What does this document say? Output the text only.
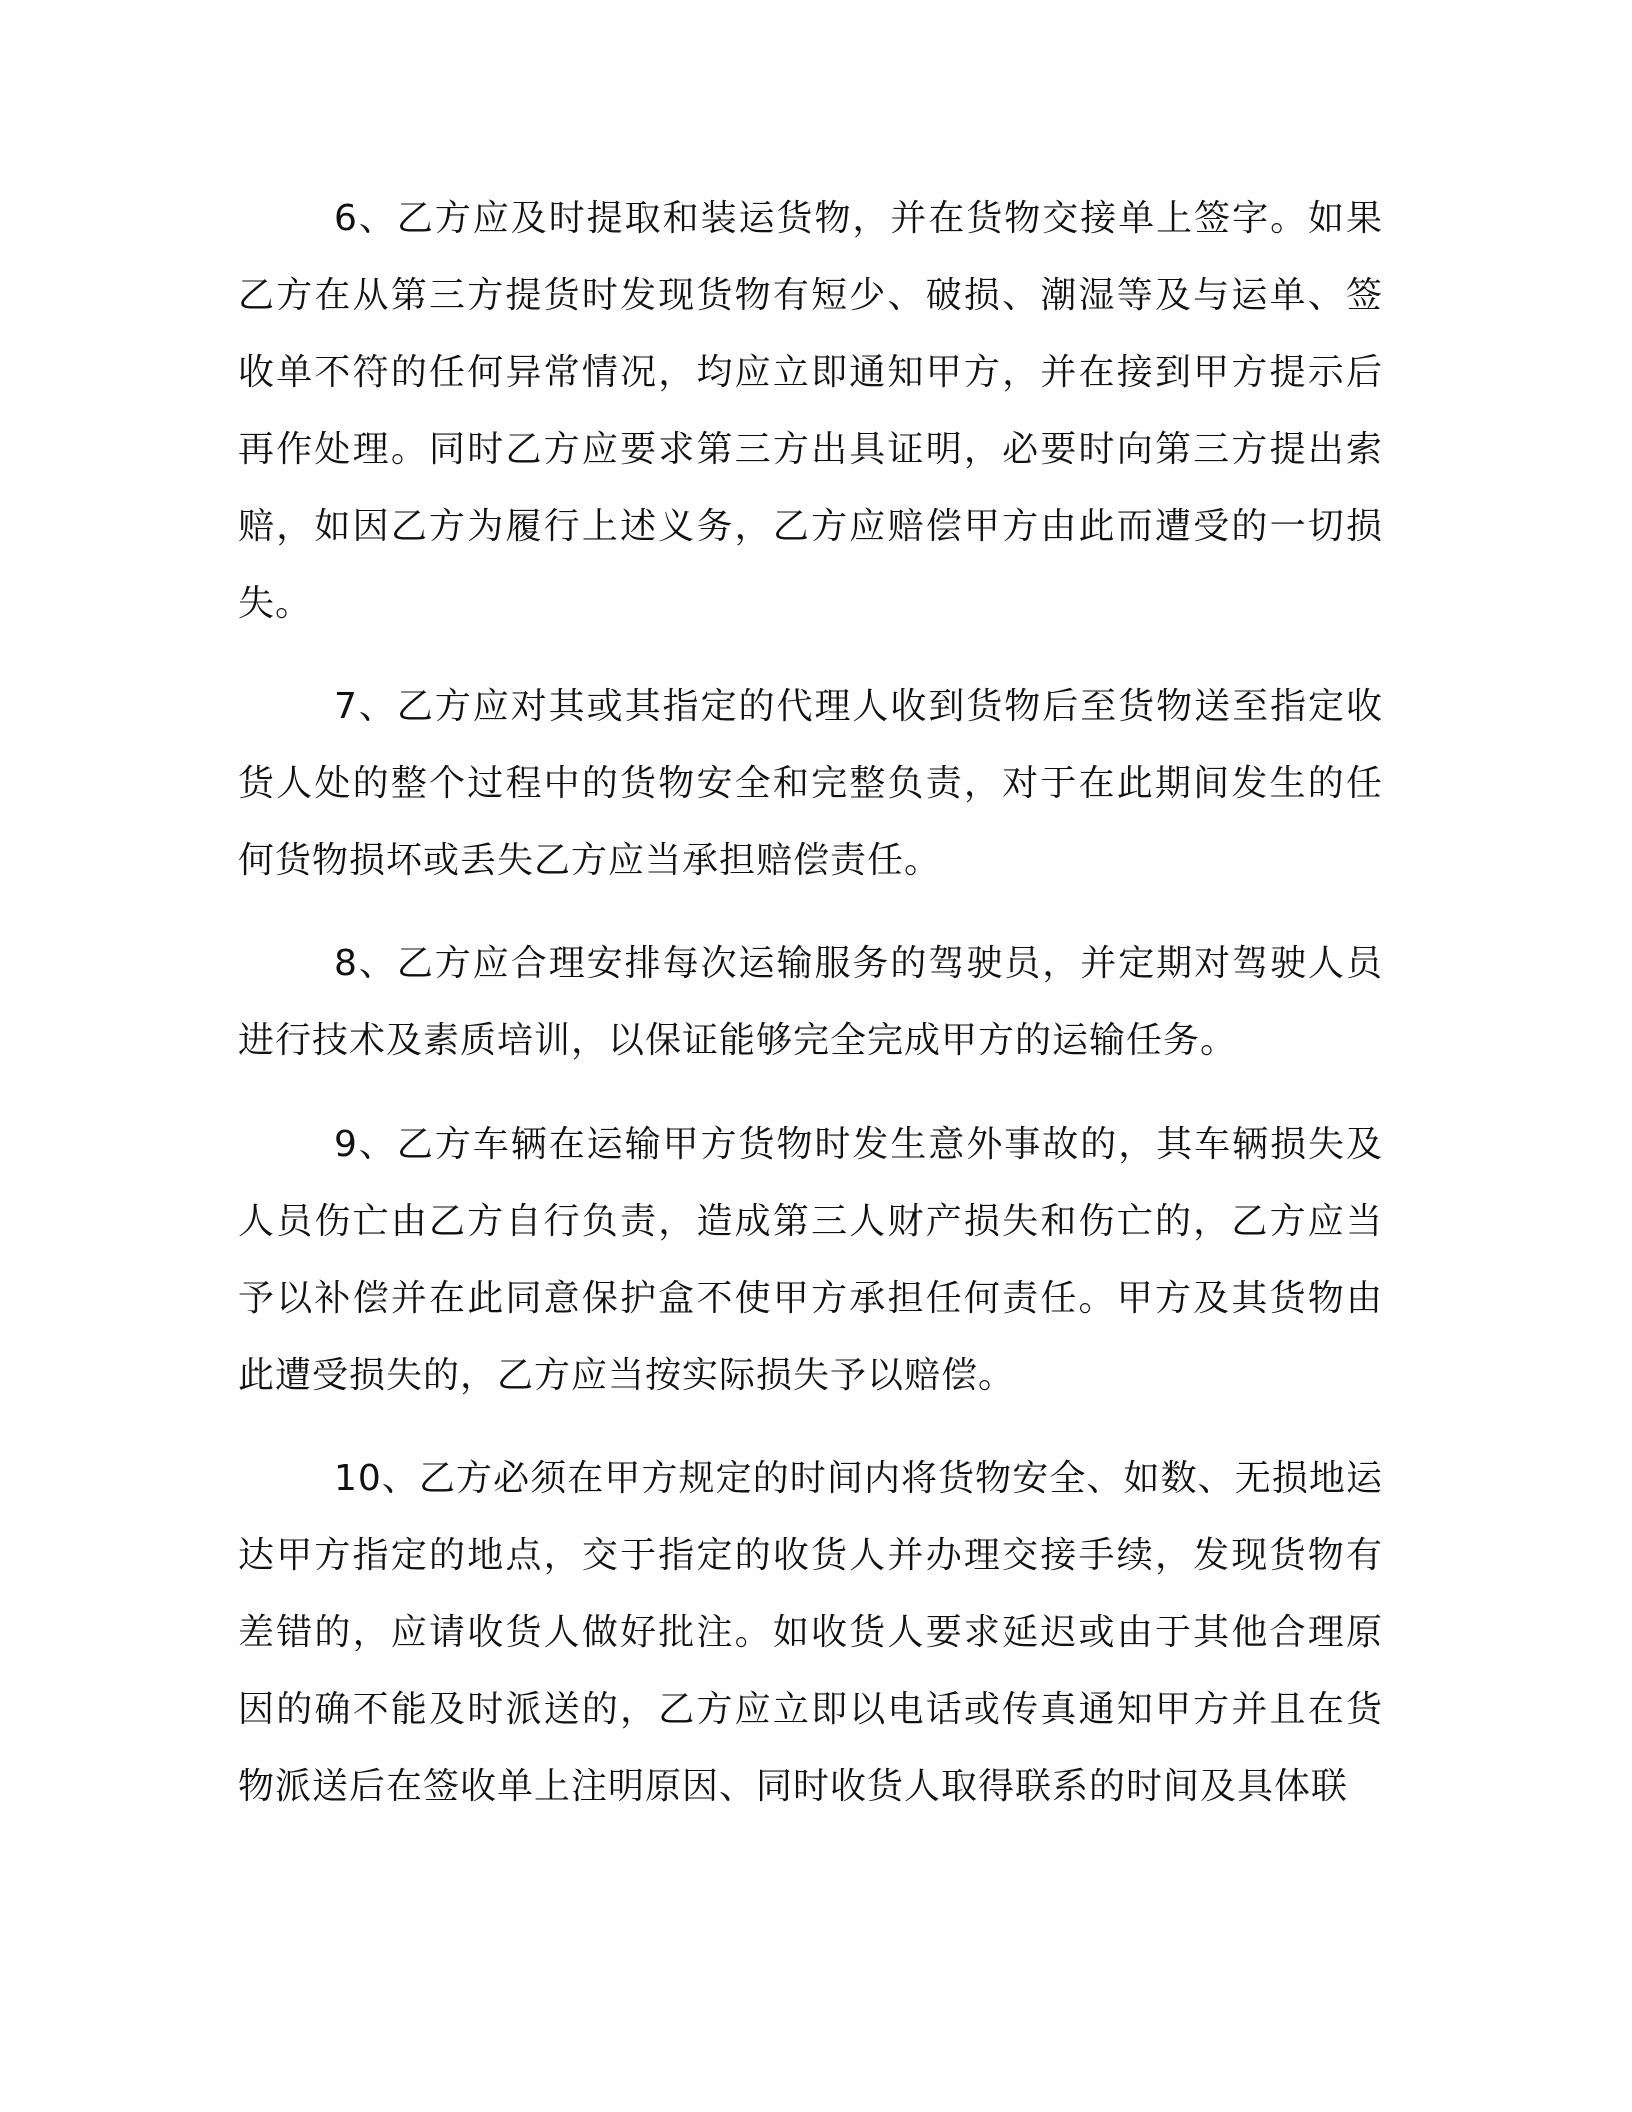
6、乙方应及时提取和装运货物，并在货物交接单上签字。如果乙方在从第三方提货时发现货物有短少、破损、潮湿等及与运单、签收单不符的任何异常情况，均应立即通知甲方，并在接到甲方提示后再作处理。同时乙方应要求第三方出具证明，必要时向第三方提出索赔，如因乙方为履行上述义务，乙方应赔偿甲方由此而遭受的一切损失。

7、乙方应对其或其指定的代理人收到货物后至货物送至指定收货人处的整个过程中的货物安全和完整负责，对于在此期间发生的任何货物损坏或丢失乙方应当承担赔偿责任。

8、乙方应合理安排每次运输服务的驾驶员，并定期对驾驶人员进行技术及素质培训，以保证能够完全完成甲方的运输任务。

9、乙方车辆在运输甲方货物时发生意外事故的，其车辆损失及人员伤亡由乙方自行负责，造成第三人财产损失和伤亡的，乙方应当予以补偿并在此同意保护盒不使甲方承担任何责任。甲方及其货物由此遭受损失的，乙方应当按实际损失予以赔偿。

10、乙方必须在甲方规定的时间内将货物安全、如数、无损地运达甲方指定的地点，交于指定的收货人并办理交接手续，发现货物有差错的，应请收货人做好批注。如收货人要求延迟或由于其他合理原因的确不能及时派送的，乙方应立即以电话或传真通知甲方并且在货物派送后在签收单上注明原因、同时收货人取得联系的时间及具体联
